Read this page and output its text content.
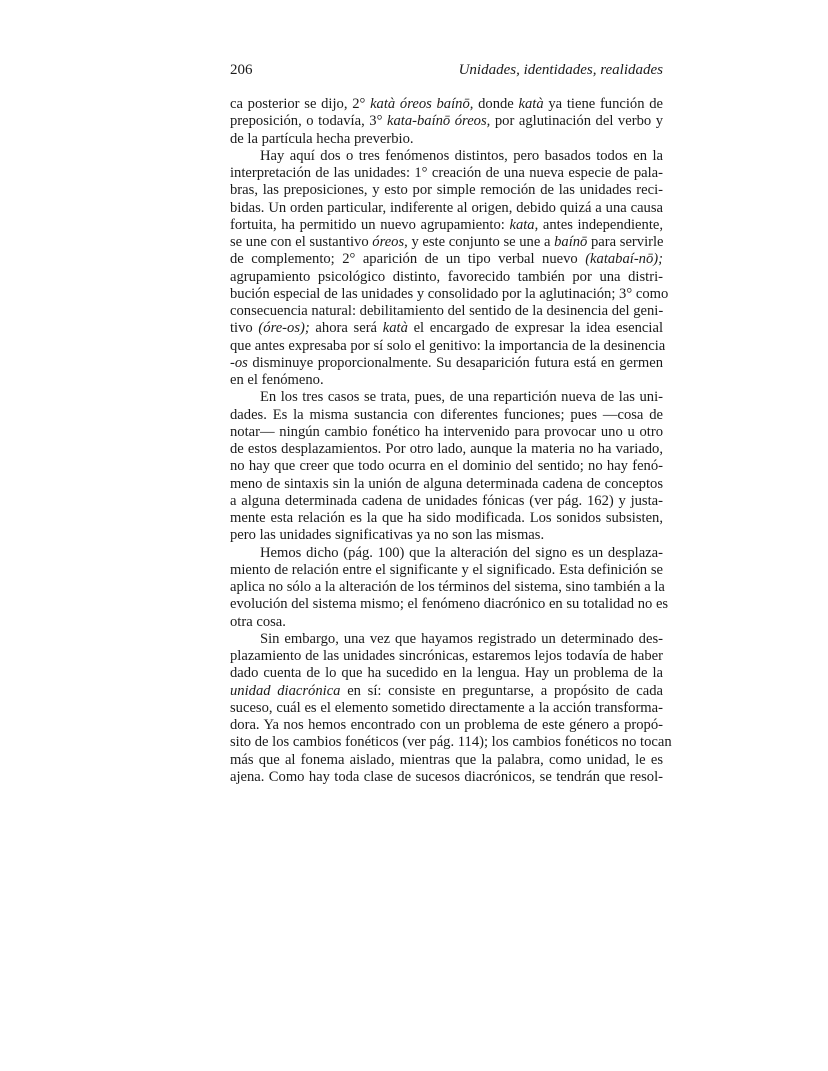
206	Unidades, identidades, realidades
ca posterior se dijo, 2° katà óreos baínō, donde katà ya tiene función de
preposición, o todavía, 3° kata-baínō óreos, por aglutinación del verbo y
de la partícula hecha preverbio.
Hay aquí dos o tres fenómenos distintos, pero basados todos en la
interpretación de las unidades: 1° creación de una nueva especie de pala-
bras, las preposiciones, y esto por simple remoción de las unidades reci-
bidas. Un orden particular, indiferente al origen, debido quizá a una causa
fortuita, ha permitido un nuevo agrupamiento: kata, antes independiente,
se une con el sustantivo óreos, y este conjunto se une a baínō para servirle
de complemento; 2° aparición de un tipo verbal nuevo (katabaí-nō);
agrupamiento psicológico distinto, favorecido también por una distri-
bución especial de las unidades y consolidado por la aglutinación; 3° como
consecuencia natural: debilitamiento del sentido de la desinencia del geni-
tivo (óre-os); ahora será katà el encargado de expresar la idea esencial
que antes expresaba por sí solo el genitivo: la importancia de la desinencia
-os disminuye proporcionalmente. Su desaparición futura está en germen
en el fenómeno.
En los tres casos se trata, pues, de una repartición nueva de las uni-
dades. Es la misma sustancia con diferentes funciones; pues —cosa de
notar— ningún cambio fonético ha intervenido para provocar uno u otro
de estos desplazamientos. Por otro lado, aunque la materia no ha variado,
no hay que creer que todo ocurra en el dominio del sentido; no hay fenó-
meno de sintaxis sin la unión de alguna determinada cadena de conceptos
a alguna determinada cadena de unidades fónicas (ver pág. 162) y justa-
mente esta relación es la que ha sido modificada. Los sonidos subsisten,
pero las unidades significativas ya no son las mismas.
Hemos dicho (pág. 100) que la alteración del signo es un desplaza-
miento de relación entre el significante y el significado. Esta definición se
aplica no sólo a la alteración de los términos del sistema, sino también a la
evolución del sistema mismo; el fenómeno diacrónico en su totalidad no es
otra cosa.
Sin embargo, una vez que hayamos registrado un determinado des-
plazamiento de las unidades sincrónicas, estaremos lejos todavía de haber
dado cuenta de lo que ha sucedido en la lengua. Hay un problema de la
unidad diacrónica en sí: consiste en preguntarse, a propósito de cada
suceso, cuál es el elemento sometido directamente a la acción transforma-
dora. Ya nos hemos encontrado con un problema de este género a propó-
sito de los cambios fonéticos (ver pág. 114); los cambios fonéticos no tocan
más que al fonema aislado, mientras que la palabra, como unidad, le es
ajena. Como hay toda clase de sucesos diacrónicos, se tendrán que resol-
